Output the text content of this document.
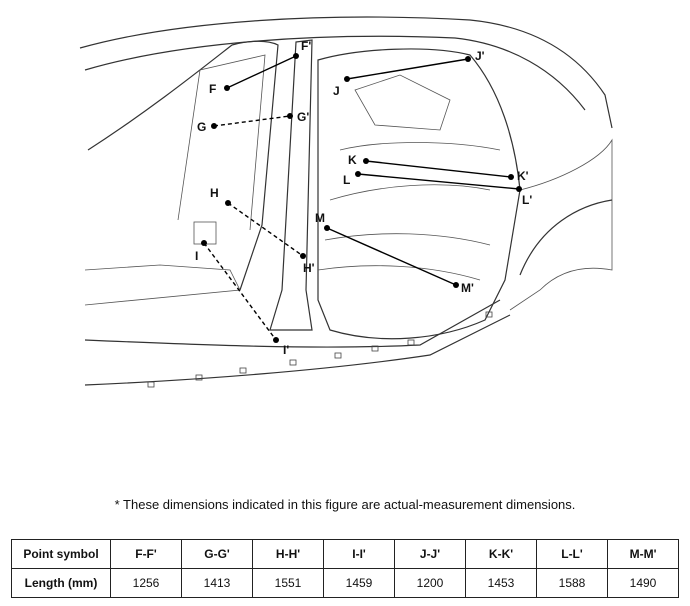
F
F'
G
G'
H
H'
I
I'
J
J'
K
K'
L
L'
M
M'
* These dimensions indicated in this figure are actual-measurement dimensions.
Point symbol	F-F'	G-G'	H-H'	I-I'	J-J'	K-K'	L-L'	M-M'
Length (mm)	1256	1413	1551	1459	1200	1453	1588	1490
